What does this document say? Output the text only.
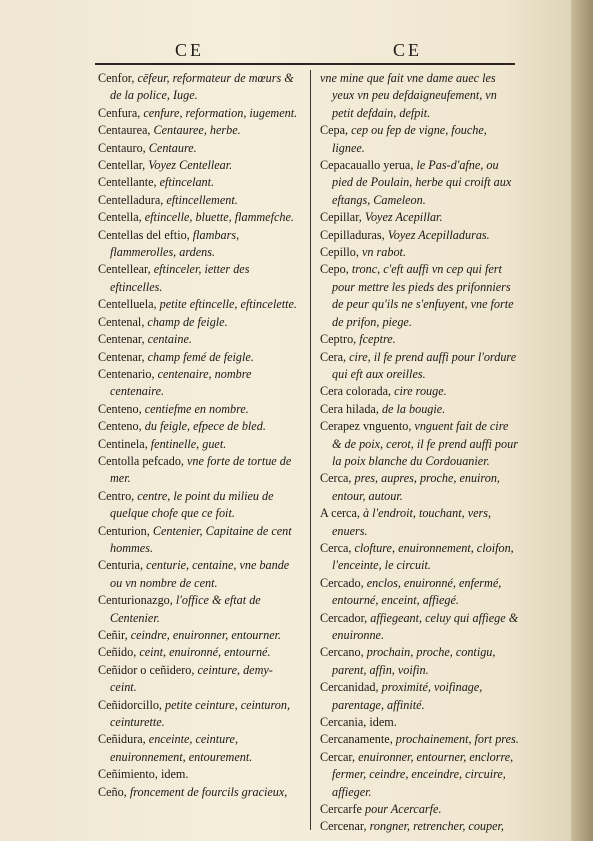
CE	CE

Cenfor, cēfeur, reformateur de mœurs & de la police, Iuge.

Cenfura, cenfure, reformation, iugement.

Centaurea, Centauree, herbe.

Centauro, Centaure.

Centellar, Voyez Centellear.

Centellante, eftincelant.

Centelladura, eftincellement.

Centella, eftincelle, bluette, flammefche.

Centellas del eftio, flambars, flammerolles, ardens.

Centellear, eftinceler, ietter des eftincelles.

Centelluela, petite eftincelle, eftincelette.

Centenal, champ de feigle.

Centenar, centaine.

Centenar, champ femé de feigle.

Centenario, centenaire, nombre centenaire.

Centeno, centiefme en nombre.

Centeno, du feigle, efpece de bled.

Centinela, fentinelle, guet.

Centolla pefcado, vne forte de tortue de mer.

Centro, centre, le point du milieu de quelque chofe que ce foit.

Centurion, Centenier, Capitaine de cent hommes.

Centuria, centurie, centaine, vne bande ou vn nombre de cent.

Centurionazgo, l'office & eftat de Centenier.

Ceñir, ceindre, enuironner, entourner.

Ceñido, ceint, enuironné, entourné.

Ceñidor o ceñidero, ceinture, demy-ceint.

Ceñidorcillo, petite ceinture, ceinturon, ceinturette.

Ceñidura, enceinte, ceinture, enuironnement, entourement.

Ceñimiento, idem.

Ceño, froncement de fourcils gracieux,

vne mine que fait vne dame auec les yeux vn peu defdaigneufement, vn petit defdain, defpit.

Cepa, cep ou fep de vigne, fouche, lignee.

Cepacauallo yerua, le Pas-d'afne, ou pied de Poulain, herbe qui croift aux eftangs, Cameleon.

Cepillar, Voyez Acepillar.

Cepilladuras, Voyez Acepilladuras.

Cepillo, vn rabot.

Cepo, tronc, c'eft auffi vn cep qui fert pour mettre les pieds des prifonniers de peur qu'ils ne s'enfuyent, vne forte de prifon, piege.

Ceptro, fceptre.

Cera, cire, il fe prend auffi pour l'ordure qui eft aux oreilles.

Cera colorada, cire rouge.

Cera hilada, de la bougie.

Cerapez vnguento, vnguent fait de cire & de poix, cerot, il fe prend auffi pour la poix blanche du Cordouanier.

Cerca, pres, aupres, proche, enuiron, entour, autour.

A cerca, à l'endroit, touchant, vers, enuers.

Cerca, clofture, enuironnement, cloifon, l'enceinte, le circuit.

Cercado, enclos, enuironné, enfermé, entourné, enceint, affiegé.

Cercador, affiegeant, celuy qui affiege & enuironne.

Cercano, prochain, proche, contigu, parent, affin, voifin.

Cercanidad, proximité, voifinage, parentage, affinité.

Cercania, idem.

Cercanamente, prochainement, fort pres.

Cercar, enuironner, entourner, enclorre, fermer, ceindre, enceindre, circuire, affieger.

Cercarfe pour Acercarfe.

Cercenar, rongner, retrencher, couper,
